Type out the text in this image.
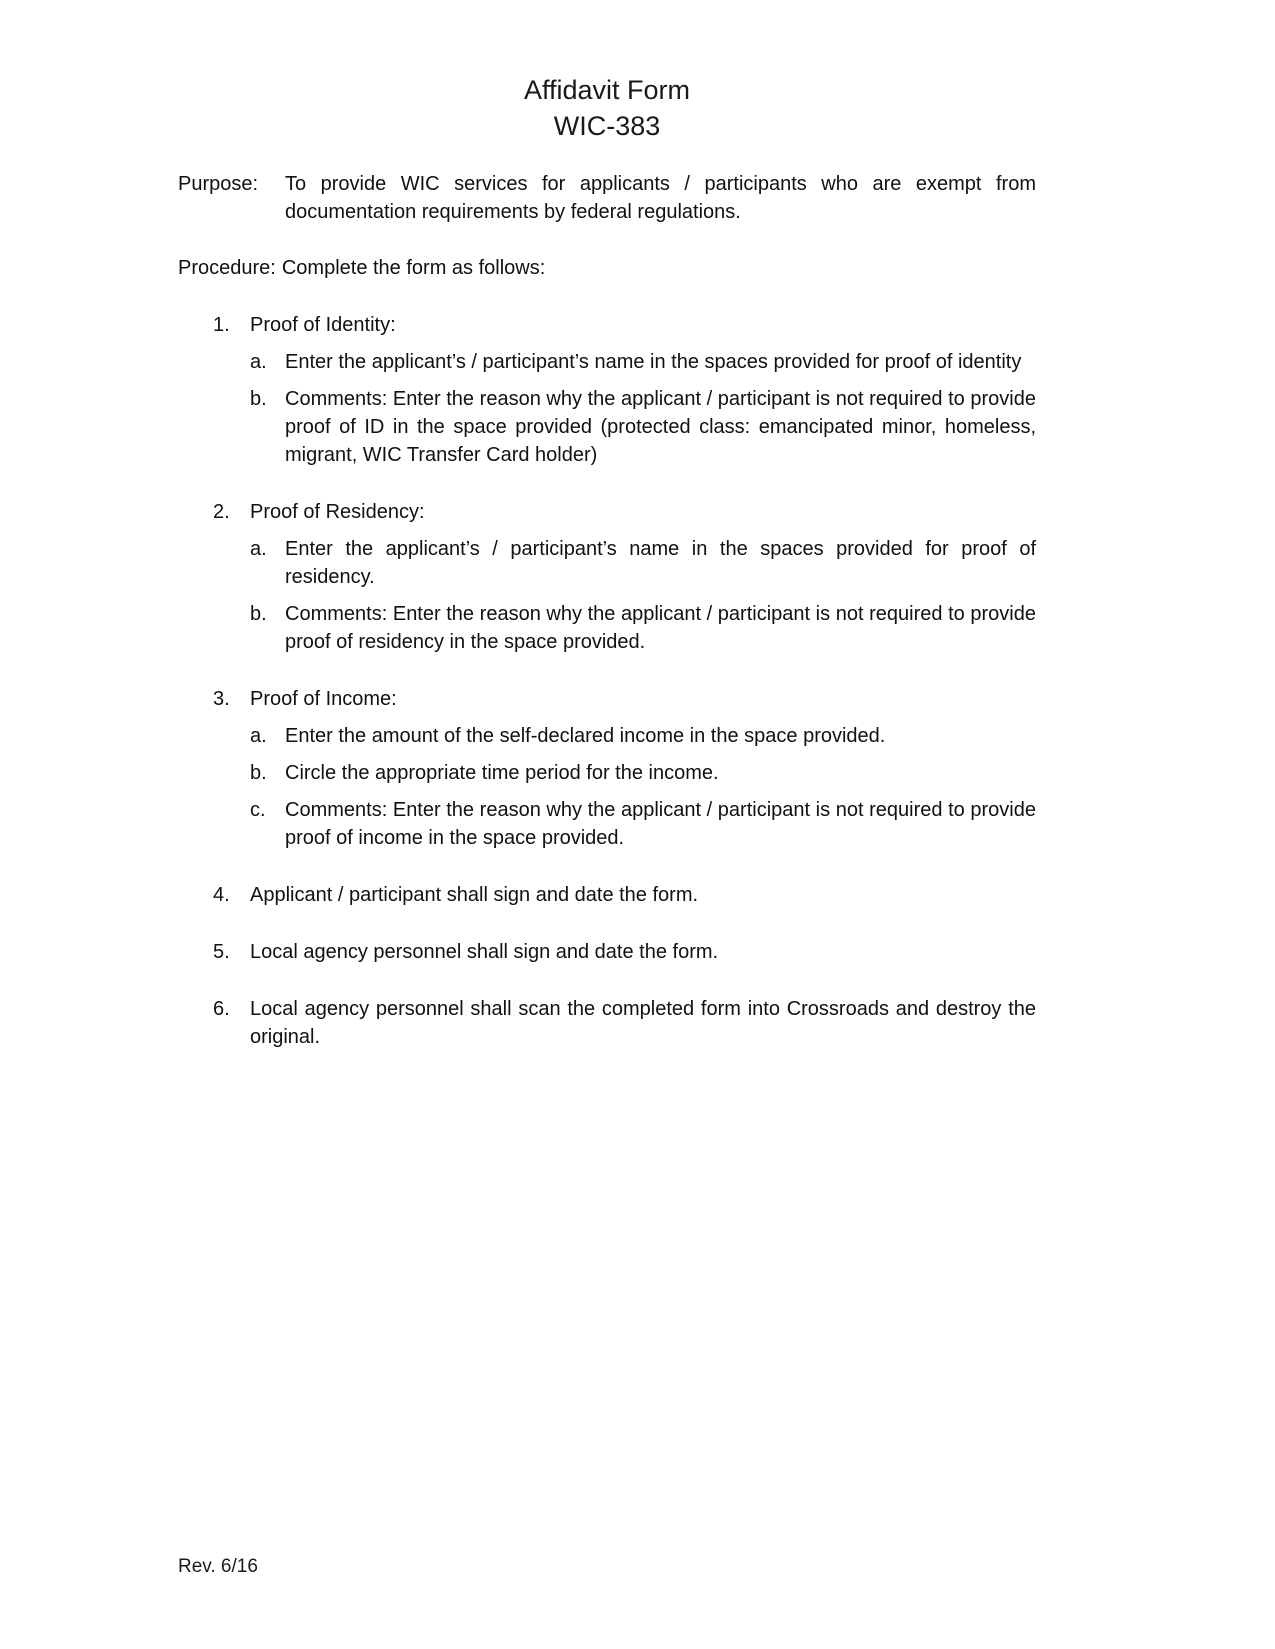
Affidavit Form
WIC-383
Purpose:	To provide WIC services for applicants / participants who are exempt from documentation requirements by federal regulations.
Procedure: Complete the form as follows:
1.	Proof of Identity:
a. Enter the applicant’s / participant’s name in the spaces provided for proof of identity
b. Comments: Enter the reason why the applicant / participant is not required to provide proof of ID in the space provided (protected class: emancipated minor, homeless, migrant, WIC Transfer Card holder)
2.	Proof of Residency:
a. Enter the applicant’s / participant’s name in the spaces provided for proof of residency.
b. Comments: Enter the reason why the applicant / participant is not required to provide proof of residency in the space provided.
3.	Proof of Income:
a. Enter the amount of the self-declared income in the space provided.
b. Circle the appropriate time period for the income.
c. Comments: Enter the reason why the applicant / participant is not required to provide proof of income in the space provided.
4.	Applicant / participant shall sign and date the form.
5.	Local agency personnel shall sign and date the form.
6.	Local agency personnel shall scan the completed form into Crossroads and destroy the original.
Rev. 6/16
